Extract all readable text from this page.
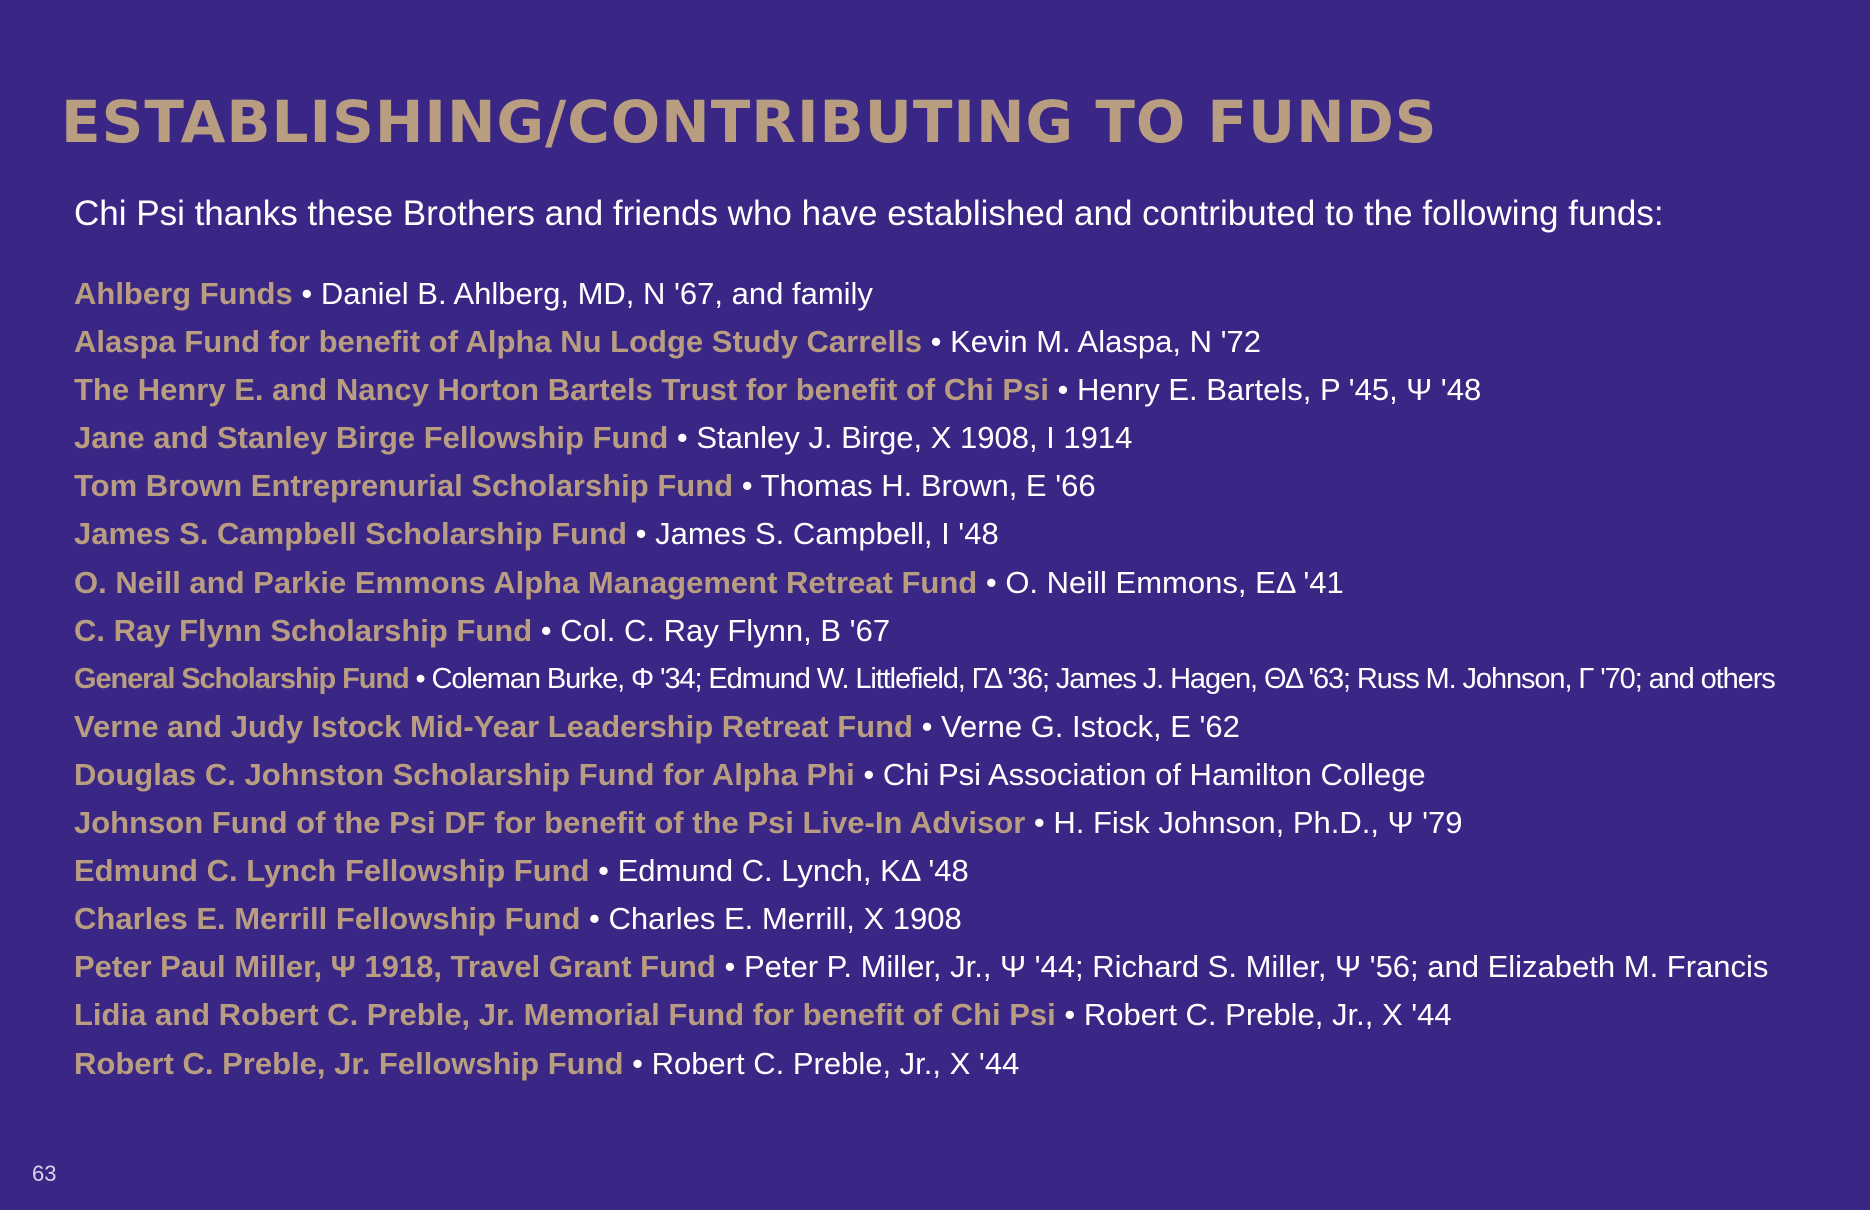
ESTABLISHING/CONTRIBUTING TO FUNDS

Chi Psi thanks these Brothers and friends who have established and contributed to the following funds:

Ahlberg Funds • Daniel B. Ahlberg, MD, N '67, and family
Alaspa Fund for benefit of Alpha Nu Lodge Study Carrells • Kevin M. Alaspa, N '72
The Henry E. and Nancy Horton Bartels Trust for benefit of Chi Psi • Henry E. Bartels, P '45, Ψ '48
Jane and Stanley Birge Fellowship Fund • Stanley J. Birge, X 1908, I 1914
Tom Brown Entreprenurial Scholarship Fund • Thomas H. Brown, E '66
James S. Campbell Scholarship Fund • James S. Campbell, I '48
O. Neill and Parkie Emmons Alpha Management Retreat Fund • O. Neill Emmons, EΔ '41
C. Ray Flynn Scholarship Fund • Col. C. Ray Flynn, B '67
General Scholarship Fund • Coleman Burke, Φ '34; Edmund W. Littlefield, ΓΔ '36; James J. Hagen, ΘΔ '63; Russ M. Johnson, Γ '70; and others
Verne and Judy Istock Mid-Year Leadership Retreat Fund • Verne G. Istock, E '62
Douglas C. Johnston Scholarship Fund for Alpha Phi • Chi Psi Association of Hamilton College
Johnson Fund of the Psi DF for benefit of the Psi Live-In Advisor • H. Fisk Johnson, Ph.D., Ψ '79
Edmund C. Lynch Fellowship Fund • Edmund C. Lynch, KΔ '48
Charles E. Merrill Fellowship Fund • Charles E. Merrill, X 1908
Peter Paul Miller, Ψ 1918, Travel Grant Fund • Peter P. Miller, Jr., Ψ '44; Richard S. Miller, Ψ '56; and Elizabeth M. Francis
Lidia and Robert C. Preble, Jr. Memorial Fund for benefit of Chi Psi • Robert C. Preble, Jr., X '44
Robert C. Preble, Jr. Fellowship Fund • Robert C. Preble, Jr., X '44
63
